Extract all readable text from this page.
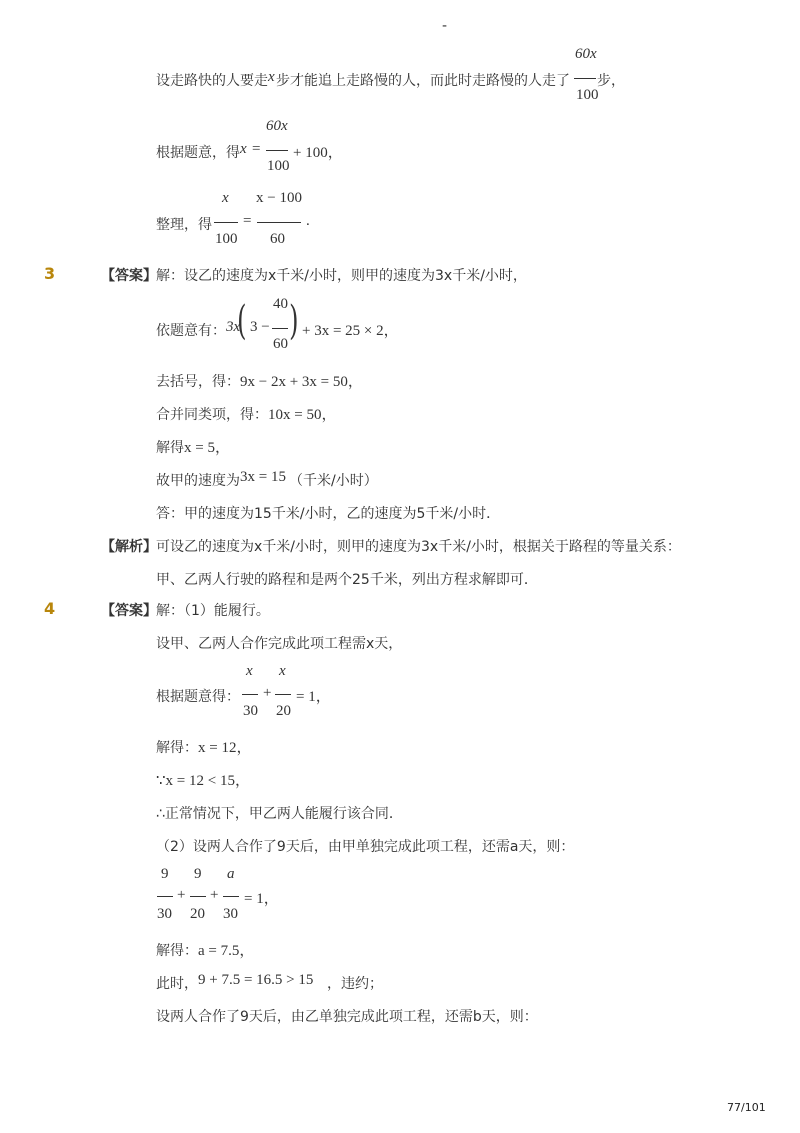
-
设走路快的人要走 x 步才能追上走路慢的人，而此时走路慢的人走了
60x
100
步，
根据题意，得 x =
60x
100
+ 100，
整理，得
x
100
=
x − 100
60
.
3	【答案】 解：设乙的速度为x千米/小时，则甲的速度为3x千米/小时，
依题意有： 3x
( 3 −
40
60 ) + 3x = 25 × 2，
去括号，得： 9x − 2x + 3x = 50，
合并同类项，得： 10x = 50，
解得 x = 5，
故甲的速度为 3x = 15 （千米/小时）
答：甲的速度为15千米/小时，乙的速度为5千米/小时．
【解析】 可设乙的速度为x千米/小时，则甲的速度为3x千米/小时，根据关于路程的等量关系：
甲、乙两人行驶的路程和是两个25千米，列出方程求解即可．
4	【答案】 解：（1）能履行。
设甲、乙两人合作完成此项工程需x天，
根据题意得：
x
30
+
x
20
= 1，
解得： x = 12，
∵x = 12 < 15，
∴正常情况下，甲乙两人能履行该合同．
（2）设两人合作了9天后，由甲单独完成此项工程，还需a天，则：
9
30
+
9
20
+
a
30
= 1，
解得： a = 7.5，
此时， 9 + 7.5 = 16.5 > 15 ，违约；
设两人合作了9天后，由乙单独完成此项工程，还需b天，则：
77/101
